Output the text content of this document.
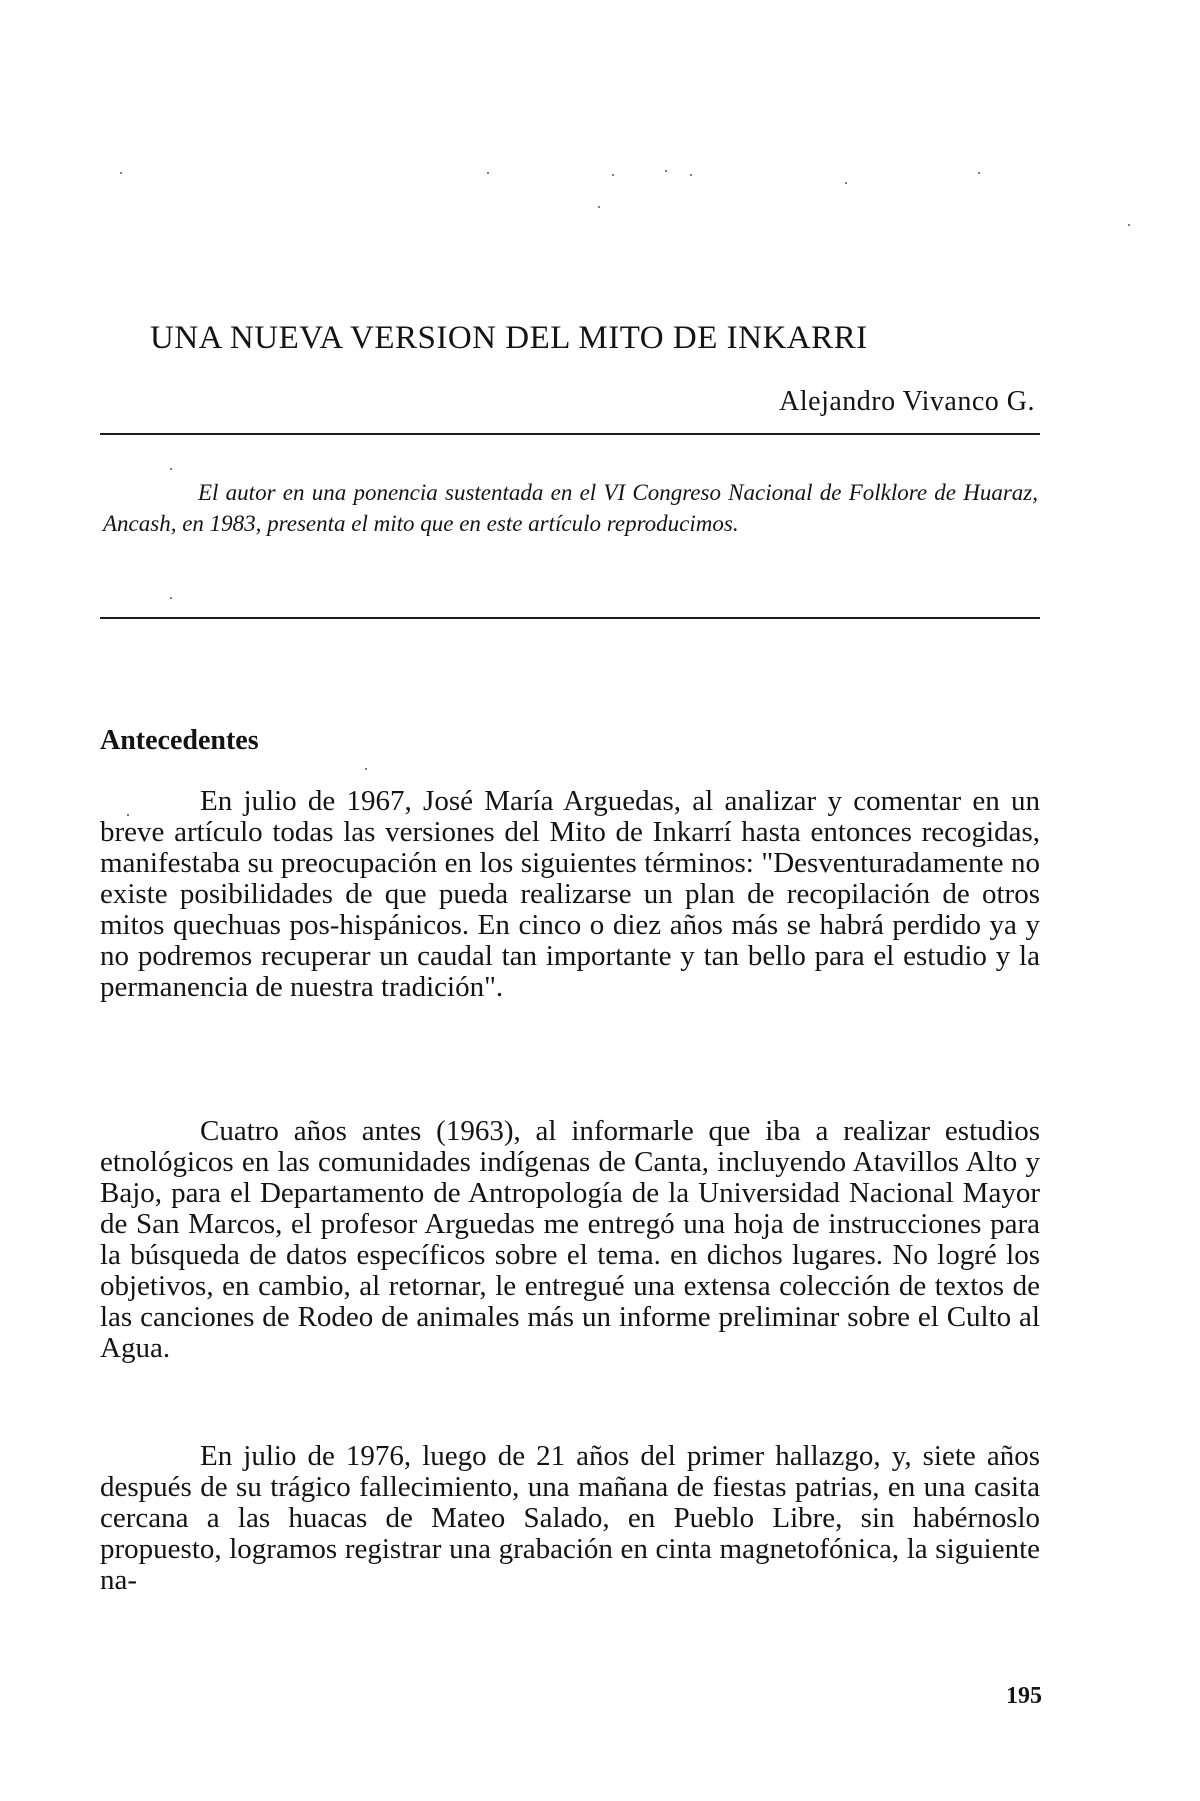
UNA NUEVA VERSION DEL MITO DE INKARRI
Alejandro Vivanco G.

El autor en una ponencia sustentada en el VI Congreso Nacional de Folklore de Huaraz, Ancash, en 1983, presenta el mito que en este artículo reproducimos.

Antecedentes

En julio de 1967, José María Arguedas, al analizar y comentar en un breve artículo todas las versiones del Mito de Inkarrí hasta entonces recogidas, manifestaba su preocupación en los siguientes términos: "Desventuradamente no existe posibilidades de que pueda realizarse un plan de recopilación de otros mitos quechuas pos-hispánicos. En cinco o diez años más se habrá perdido ya y no podremos recuperar un caudal tan importante y tan bello para el estudio y la permanencia de nuestra tradición".

Cuatro años antes (1963), al informarle que iba a realizar estudios etnológicos en las comunidades indígenas de Canta, incluyendo Atavillos Alto y Bajo, para el Departamento de Antropología de la Universidad Nacional Mayor de San Marcos, el profesor Arguedas me entregó una hoja de instrucciones para la búsqueda de datos específicos sobre el tema. en dichos lugares. No logré los objetivos, en cambio, al retornar, le entregué una extensa colección de textos de las canciones de Rodeo de animales más un informe preliminar sobre el Culto al Agua.

En julio de 1976, luego de 21 años del primer hallazgo, y, siete años después de su trágico fallecimiento, una mañana de fiestas patrias, en una casita cercana a las huacas de Mateo Salado, en Pueblo Libre, sin habérnoslo propuesto, logramos registrar una grabación en cinta magnetofónica, la siguiente na-

195
